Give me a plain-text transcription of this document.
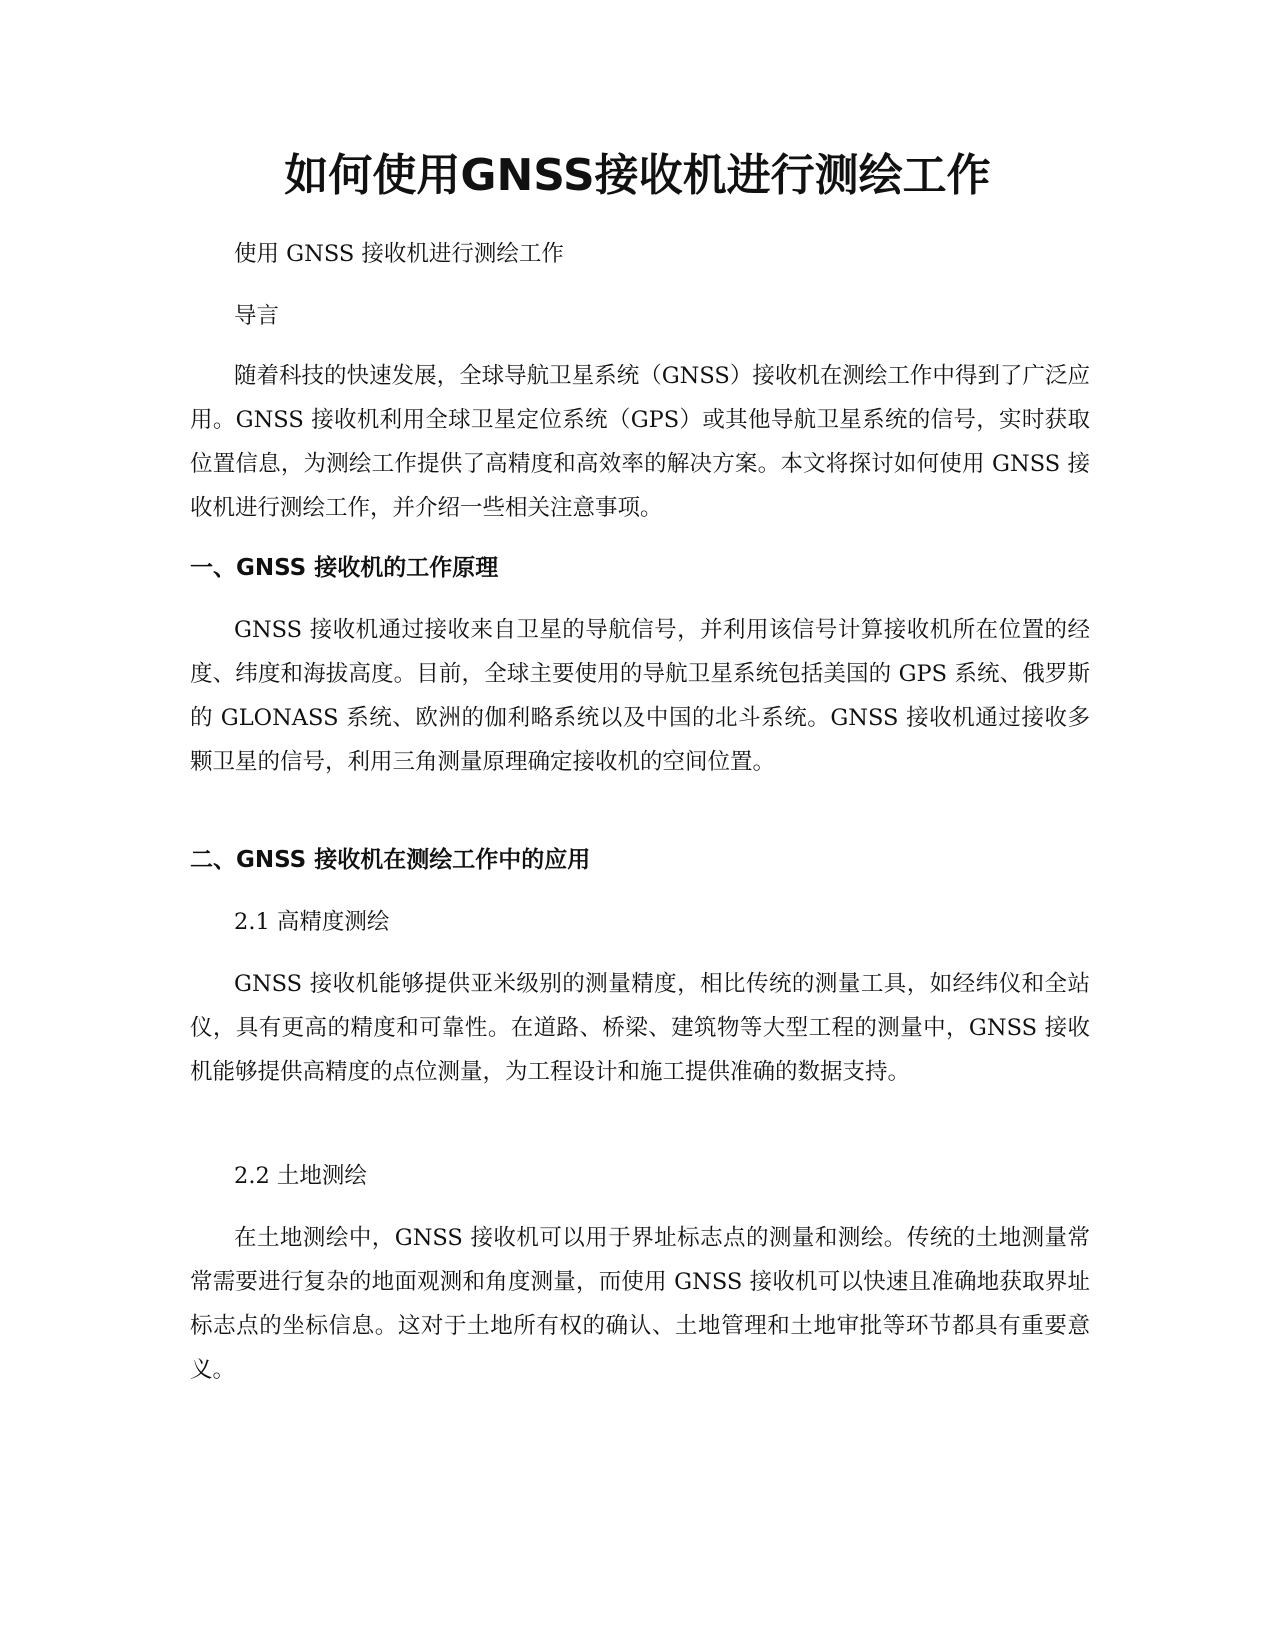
如何使用GNSS接收机进行测绘工作

使用 GNSS 接收机进行测绘工作

导言

随着科技的快速发展，全球导航卫星系统（GNSS）接收机在测绘工作中得到了广泛应用。GNSS 接收机利用全球卫星定位系统（GPS）或其他导航卫星系统的信号，实时获取位置信息，为测绘工作提供了高精度和高效率的解决方案。本文将探讨如何使用 GNSS 接收机进行测绘工作，并介绍一些相关注意事项。

一、GNSS 接收机的工作原理

GNSS 接收机通过接收来自卫星的导航信号，并利用该信号计算接收机所在位置的经度、纬度和海拔高度。目前，全球主要使用的导航卫星系统包括美国的 GPS 系统、俄罗斯的 GLONASS 系统、欧洲的伽利略系统以及中国的北斗系统。GNSS 接收机通过接收多颗卫星的信号，利用三角测量原理确定接收机的空间位置。

二、GNSS 接收机在测绘工作中的应用

2.1 高精度测绘

GNSS 接收机能够提供亚米级别的测量精度，相比传统的测量工具，如经纬仪和全站仪，具有更高的精度和可靠性。在道路、桥梁、建筑物等大型工程的测量中，GNSS 接收机能够提供高精度的点位测量，为工程设计和施工提供准确的数据支持。

2.2 土地测绘

在土地测绘中，GNSS 接收机可以用于界址标志点的测量和测绘。传统的土地测量常常需要进行复杂的地面观测和角度测量，而使用 GNSS 接收机可以快速且准确地获取界址标志点的坐标信息。这对于土地所有权的确认、土地管理和土地审批等环节都具有重要意义。
